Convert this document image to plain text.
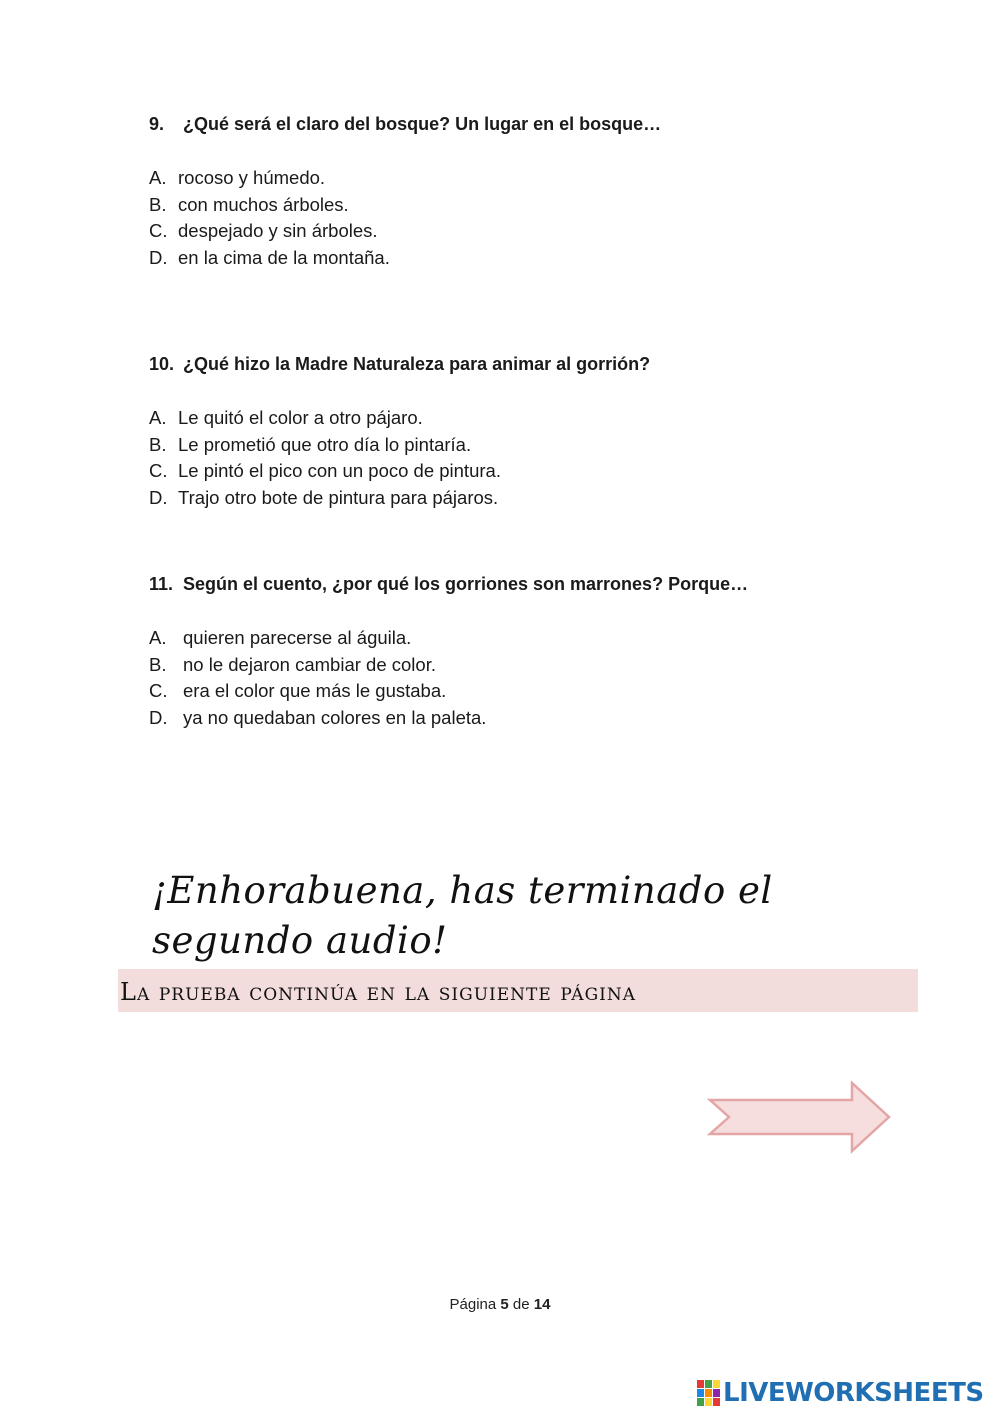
9.	¿Qué será el claro del bosque? Un lugar en el bosque…
A. rocoso y húmedo.
B. con muchos árboles.
C. despejado y sin árboles.
D. en la cima de la montaña.
10. ¿Qué hizo la Madre Naturaleza para animar al gorrión?
A. Le quitó el color a otro pájaro.
B. Le prometió que otro día lo pintaría.
C. Le pintó el pico con un poco de pintura.
D. Trajo otro bote de pintura para pájaros.
11. Según el cuento, ¿por qué los gorriones son marrones? Porque…
A. quieren parecerse al águila.
B. no le dejaron cambiar de color.
C. era el color que más le gustaba.
D. ya no quedaban colores en la paleta.
¡Enhorabuena, has terminado el segundo audio!
La prueba continúa en la siguiente página
Página 5 de 14
LIVEWORKSHEETS
